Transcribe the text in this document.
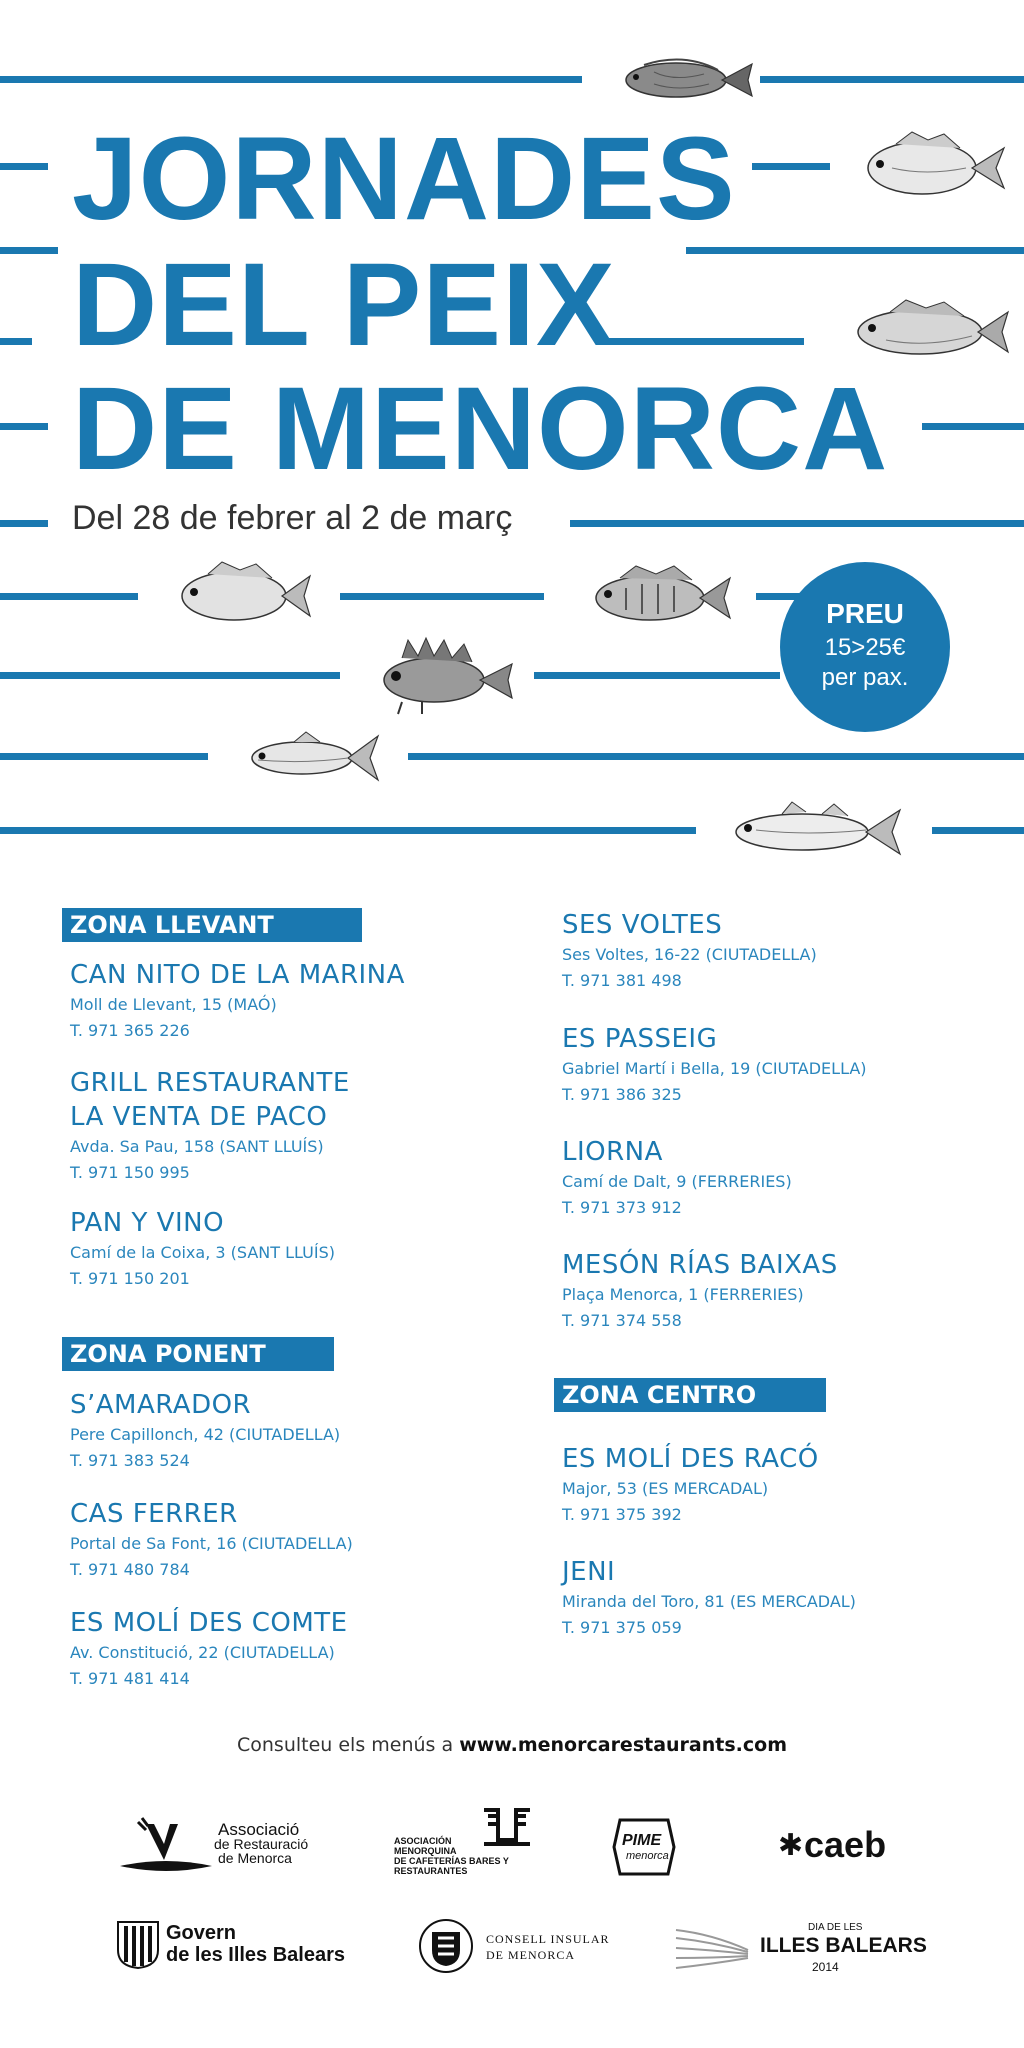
JORNADES
DEL PEIX
DE MENORCA
Del 28 de febrer al 2 de març
PREU
15>25€
per pax.
ZONA LLEVANT
CAN NITO DE LA MARINA
Moll de Llevant, 15 (MAÓ)
T. 971 365 226
GRILL RESTAURANTE
LA VENTA DE PACO
Avda. Sa Pau, 158 (SANT LLUÍS)
T. 971 150 995
PAN Y VINO
Camí de la Coixa, 3 (SANT LLUÍS)
T. 971 150 201
ZONA PONENT
S’AMARADOR
Pere Capillonch, 42 (CIUTADELLA)
T. 971 383 524
CAS FERRER
Portal de Sa Font, 16 (CIUTADELLA)
T. 971 480 784
ES MOLÍ DES COMTE
Av. Constitució, 22 (CIUTADELLA)
T. 971 481 414
SES VOLTES
Ses Voltes, 16-22 (CIUTADELLA)
T. 971 381 498
ES PASSEIG
Gabriel Martí i Bella, 19 (CIUTADELLA)
T. 971 386 325
LIORNA
Camí de Dalt, 9 (FERRERIES)
T. 971 373 912
MESÓN RÍAS BAIXAS
Plaça Menorca, 1 (FERRERIES)
T. 971 374 558
ZONA CENTRO
ES MOLÍ DES RACÓ
Major, 53 (ES MERCADAL)
T. 971 375 392
JENI
Miranda del Toro, 81 (ES MERCADAL)
T. 971 375 059
Consulteu els menús a www.menorcarestaurants.com
Associació
de Restauració
de Menorca
ASOCIACIÓN
MENORQUINA
DE CAFETERÍAS BARES Y
RESTAURANTES
PIME
menorca	✱ caeb
Govern
de les Illes Balears
CONSELL INSULAR
DE MENORCA
DIA DE LES
ILLES BALEARS
2014
